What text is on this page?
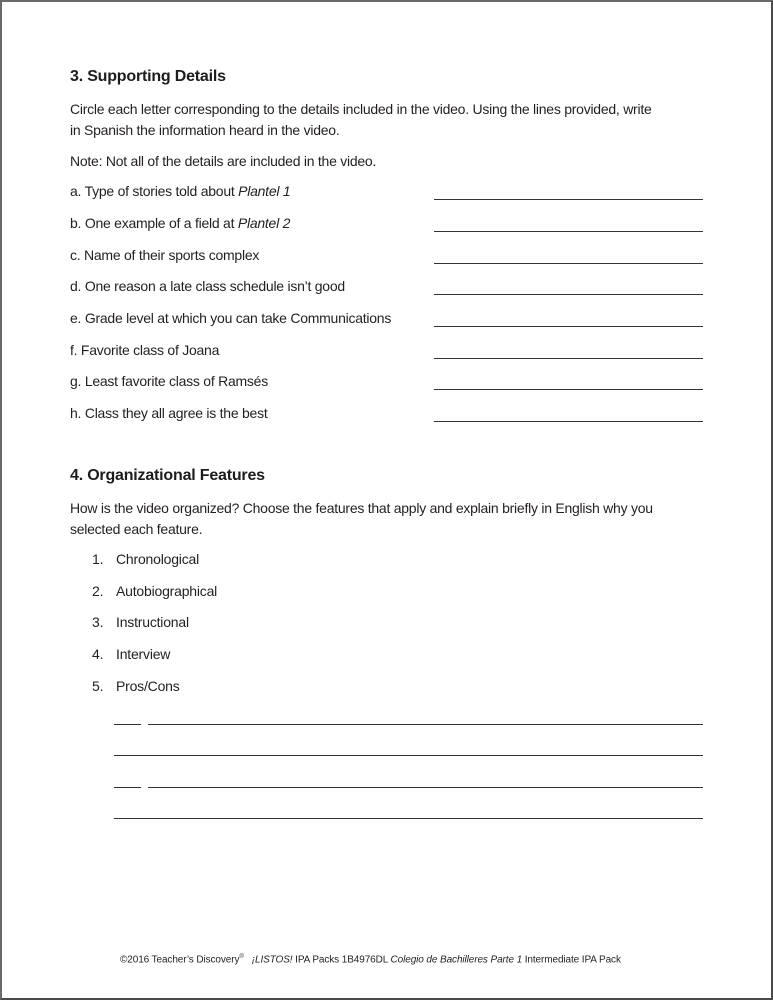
3. Supporting Details
Circle each letter corresponding to the details included in the video. Using the lines provided, write
in Spanish the information heard in the video.
Note: Not all of the details are included in the video.
a. Type of stories told about Plantel 1
b. One example of a field at Plantel 2
c. Name of their sports complex
d. One reason a late class schedule isn’t good
e. Grade level at which you can take Communications
f. Favorite class of Joana
g. Least favorite class of Ramsés
h. Class they all agree is the best
4. Organizational Features
How is the video organized? Choose the features that apply and explain briefly in English why you
selected each feature.
1. Chronological
2. Autobiographical
3. Instructional
4. Interview
5. Pros/Cons
©2016 Teacher’s Discovery® ¡LISTOS! IPA Packs 1B4976DL Colegio de Bachilleres Parte 1 Intermediate IPA Pack
